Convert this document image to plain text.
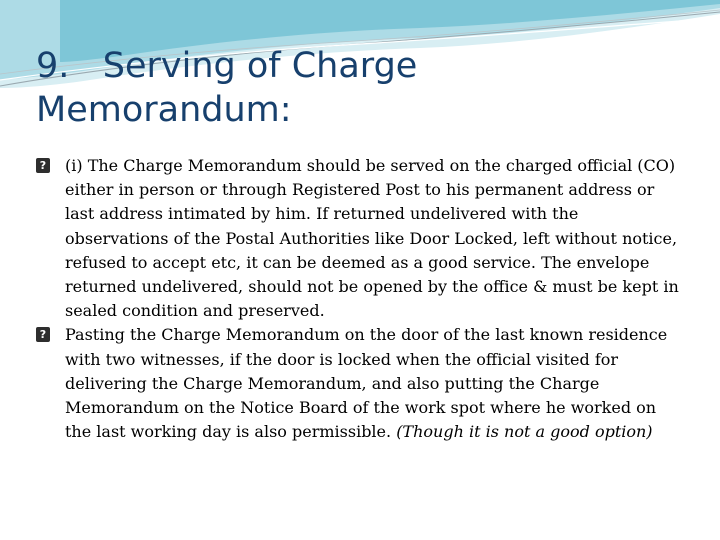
9.   Serving of Charge
Memorandum:
? (i) The Charge Memorandum should be served on the charged official (CO) either in person or through Registered Post to his permanent address or last address intimated by him. If returned undelivered with the observations of the Postal Authorities like Door Locked, left without notice, refused to accept etc, it can be deemed as a good service. The envelope returned undelivered, should not be opened by the office & must be kept in sealed condition and preserved.
? Pasting the Charge Memorandum on the door of the last known residence with two witnesses, if the door is locked when the official visited for delivering the Charge Memorandum, and also putting the Charge Memorandum on the Notice Board of the work spot where he worked on the last working day is also permissible. (Though it is not a good option)
